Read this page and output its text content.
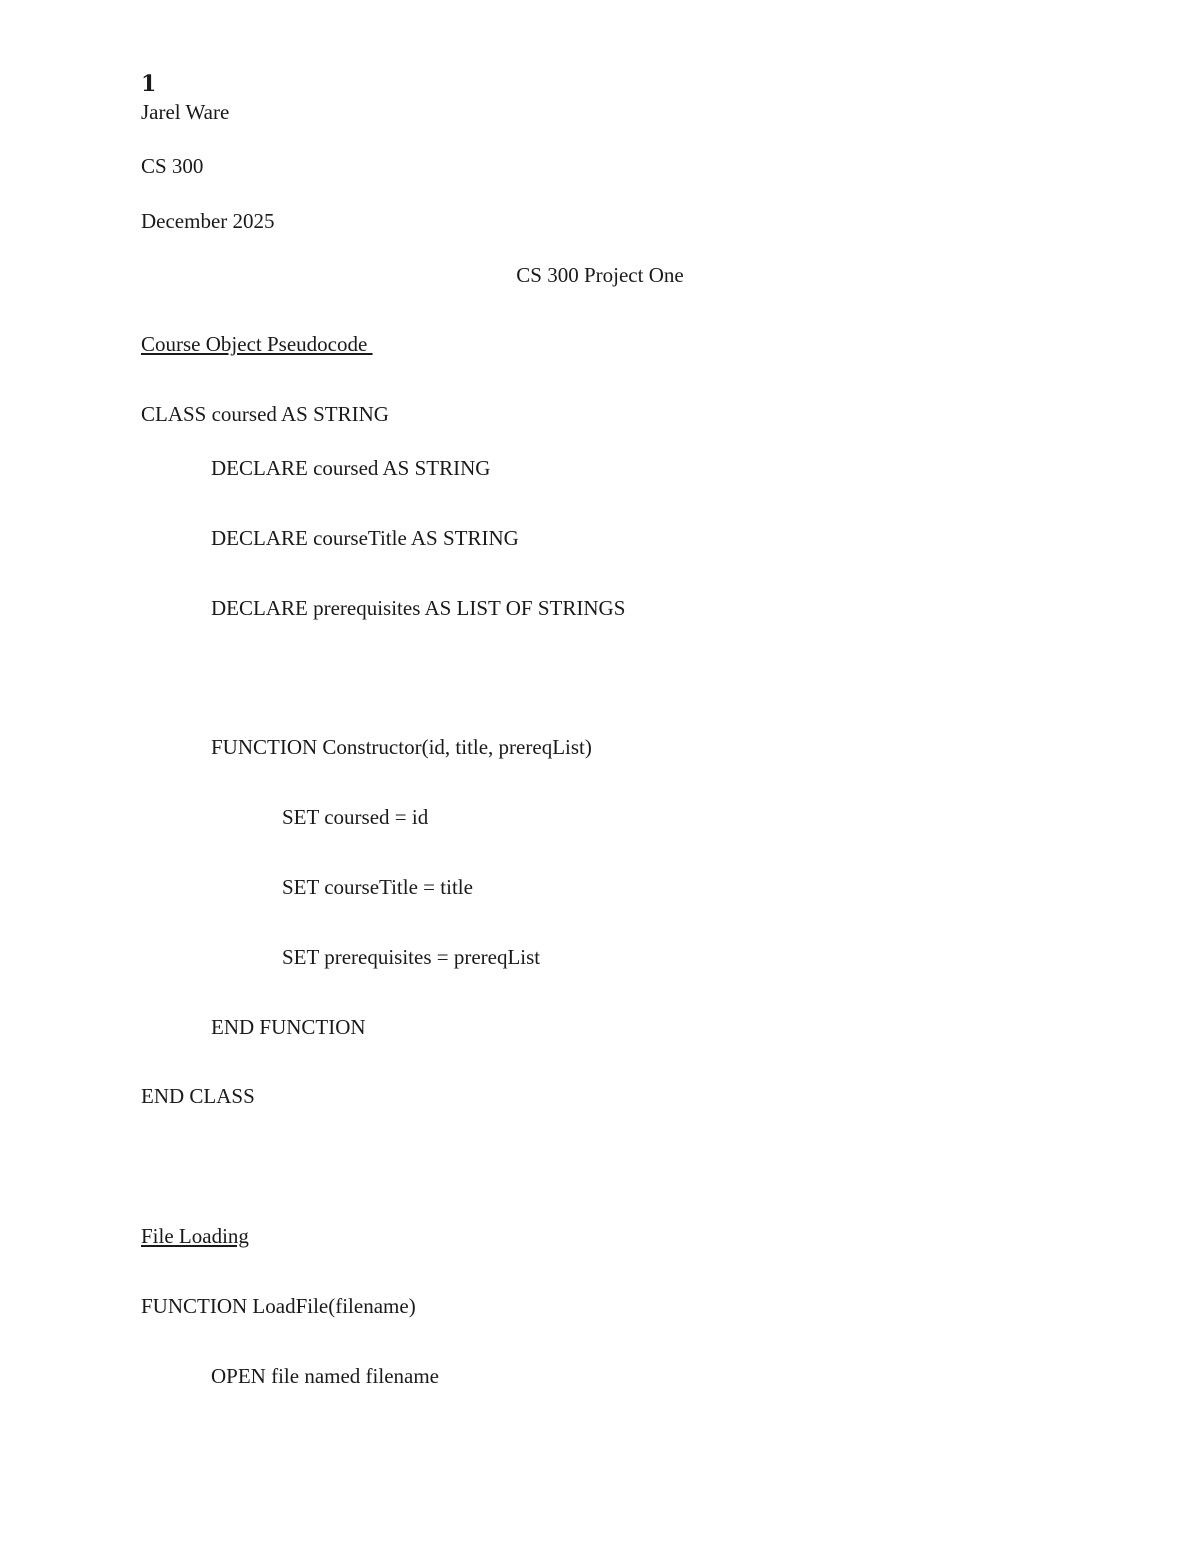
1

Jarel Ware

CS 300

December 2025

CS 300 Project One

Course Object Pseudocode

CLASS coursed AS STRING

DECLARE coursed AS STRING

DECLARE courseTitle AS STRING

DECLARE prerequisites AS LIST OF STRINGS

FUNCTION Constructor(id, title, prereqList)

SET coursed = id

SET courseTitle = title

SET prerequisites = prereqList

END FUNCTION

END CLASS

File Loading

FUNCTION LoadFile(filename)

OPEN file named filename
